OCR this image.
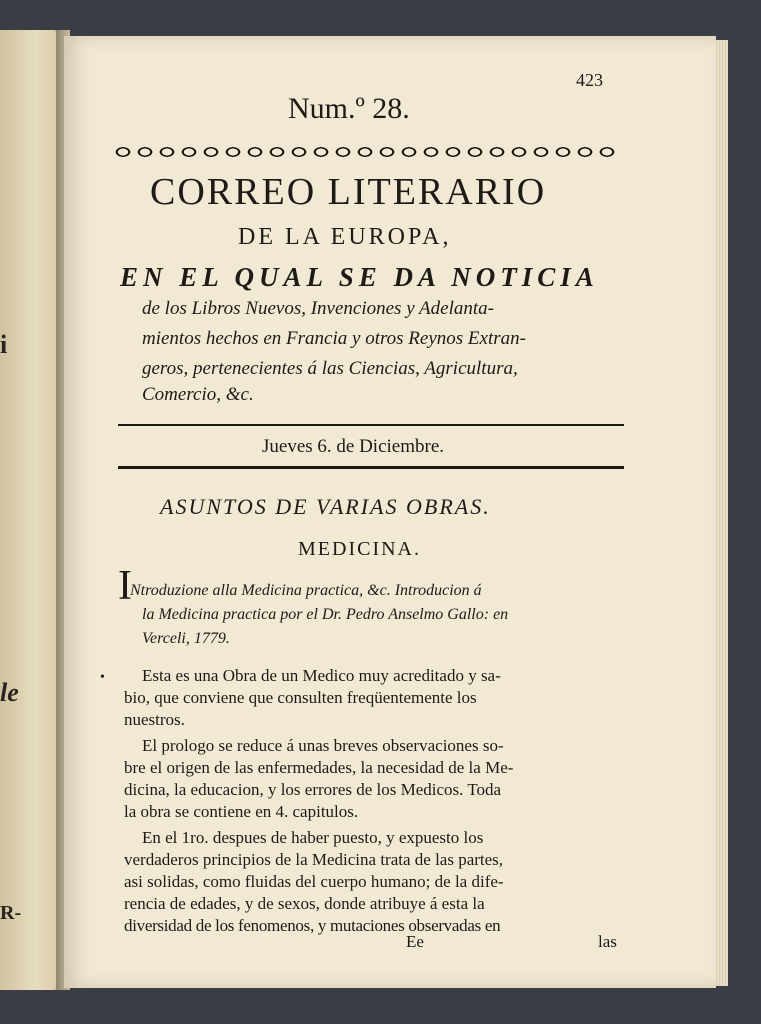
i
le
R-
423
Num.º 28.
CORREO LITERARIO
DE LA EUROPA,
EN EL QUAL SE DA NOTICIA
de los Libros Nuevos, Invenciones y Adelanta-
mientos hechos en Francia y otros Reynos Extran-
geros, pertenecientes á las Ciencias, Agricultura,
Comercio, &c.
Jueves 6. de Diciembre.
ASUNTOS DE VARIAS OBRAS.
MEDICINA.
I
Ntroduzione alla Medicina practica, &c. Introducion á
la Medicina practica por el Dr. Pedro Anselmo Gallo: en
Verceli, 1779.
• Esta es una Obra de un Medico muy acreditado y sa-
bio, que conviene que consulten freqüentemente los
nuestros.
El prologo se reduce á unas breves observaciones so-
bre el origen de las enfermedades, la necesidad de la Me-
dicina, la educacion, y los errores de los Medicos. Toda
la obra se contiene en 4. capitulos.
En el 1ro. despues de haber puesto, y expuesto los
verdaderos principios de la Medicina trata de las partes,
asi solidas, como fluidas del cuerpo humano; de la dife-
rencia de edades, y de sexos, donde atribuye á esta la
diversidad de los fenomenos, y mutaciones observadas en
Ee	las
